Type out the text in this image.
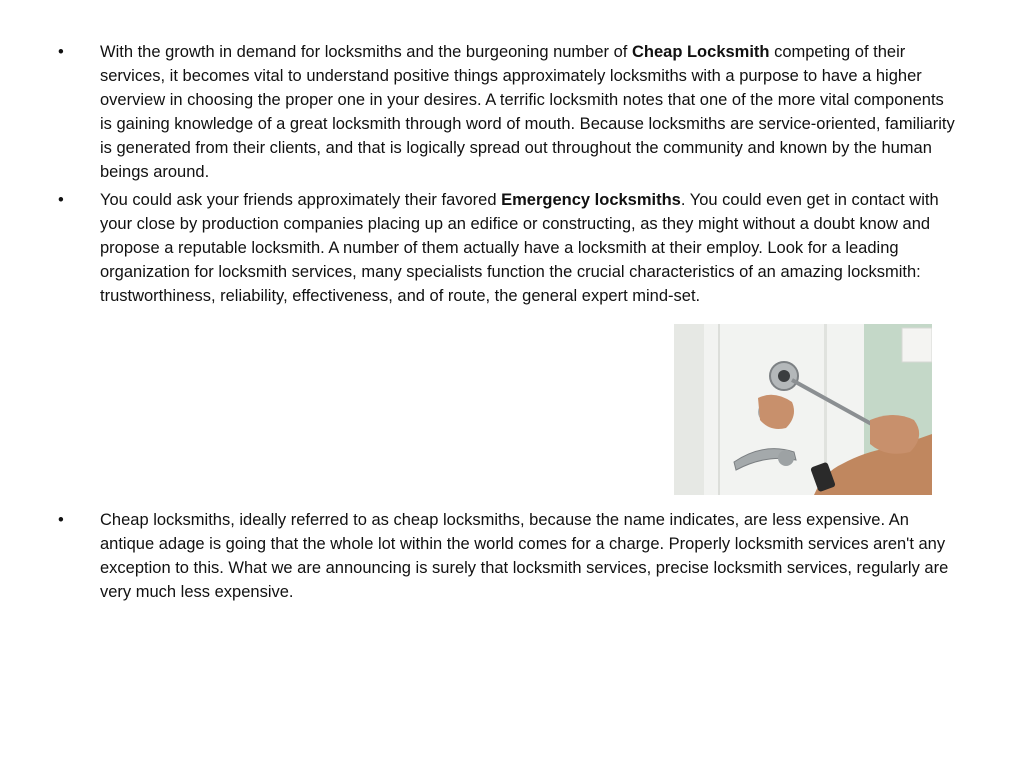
•	With the growth in demand for locksmiths and the burgeoning number of Cheap Locksmith competing of their services, it becomes vital to understand positive things approximately locksmiths with a purpose to have a higher overview in choosing the proper one in your desires. A terrific locksmith notes that one of the more vital components is gaining knowledge of a great locksmith through word of mouth. Because locksmiths are service-oriented, familiarity is generated from their clients, and that is logically spread out throughout the community and known by the human beings around.
•	You could ask your friends approximately their favored Emergency locksmiths. You could even get in contact with your close by production companies placing up an edifice or constructing, as they might without a doubt know and propose a reputable locksmith. A number of them actually have a locksmith at their employ. Look for a leading organization for locksmith services, many specialists function the crucial characteristics of an amazing locksmith: trustworthiness, reliability, effectiveness, and of route, the general expert mind-set.
•	Cheap locksmiths, ideally referred to as cheap locksmiths, because the name indicates, are less expensive. An antique adage is going that the whole lot within the world comes for a charge. Properly locksmith services aren't any exception to this. What we are announcing is surely that locksmith services, precise locksmith services, regularly are very much less expensive.
